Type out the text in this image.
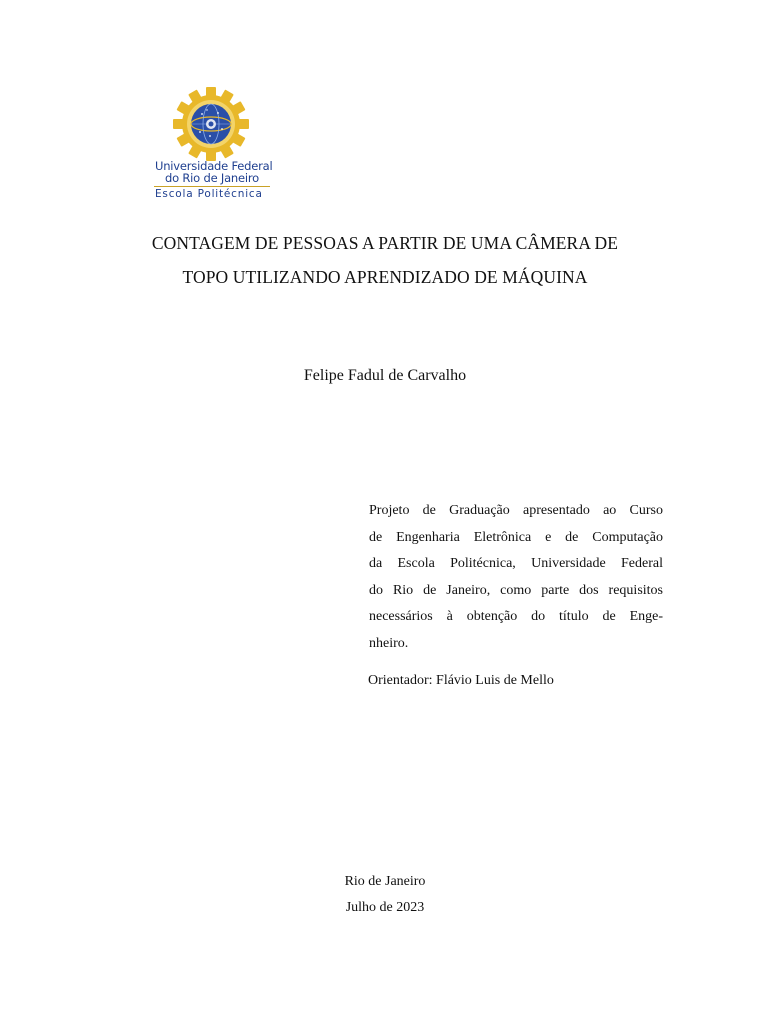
Universidade Federal
do Rio de Janeiro
Escola Politécnica
CONTAGEM DE PESSOAS A PARTIR DE UMA CÂMERA DE
TOPO UTILIZANDO APRENDIZADO DE MÁQUINA
Felipe Fadul de Carvalho
Projeto de Graduação apresentado ao Curso
de Engenharia Eletrônica e de Computação
da Escola Politécnica, Universidade Federal
do Rio de Janeiro, como parte dos requisitos
necessários à obtenção do título de Enge-
nheiro.
Orientador: Flávio Luis de Mello
Rio de Janeiro
Julho de 2023
